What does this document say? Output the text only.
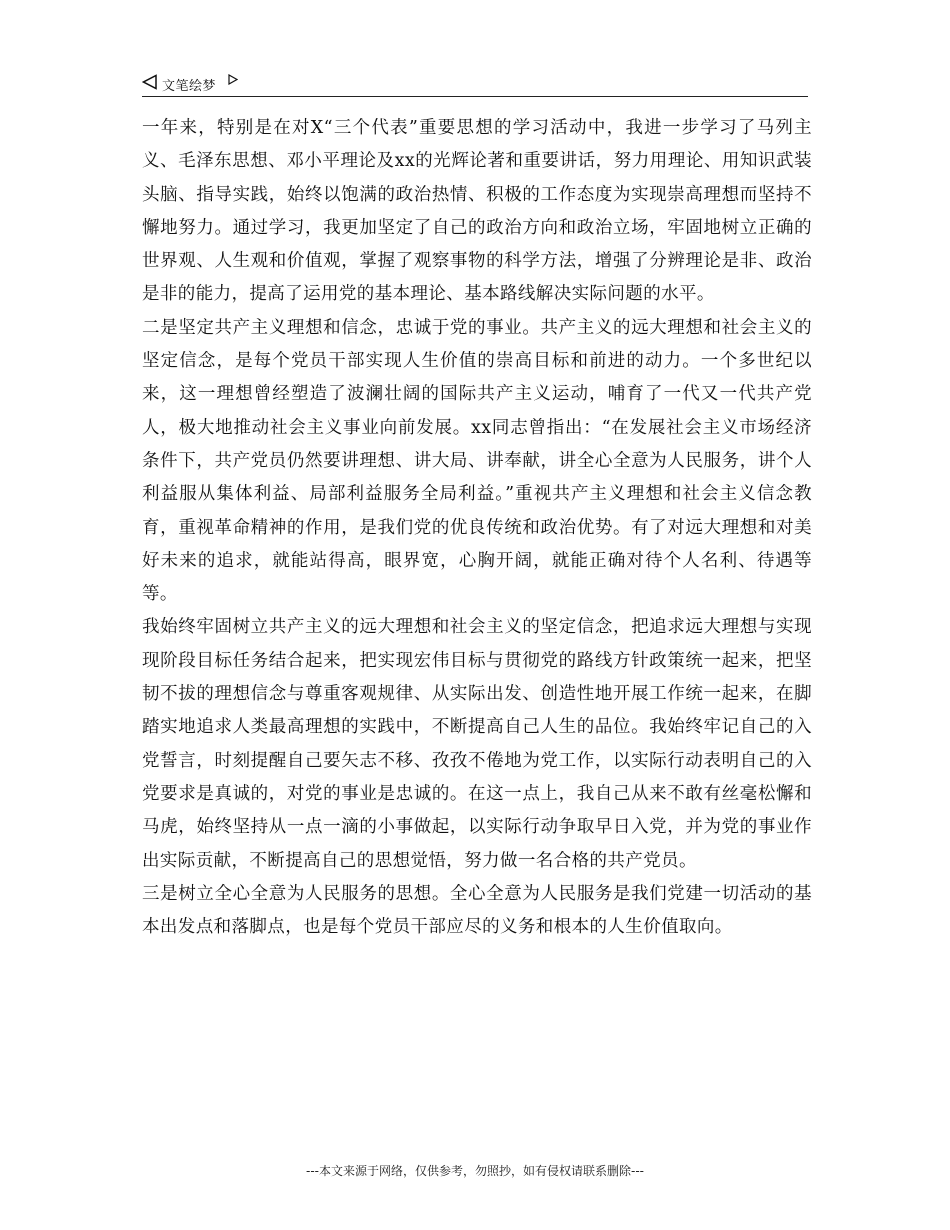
文笔绘梦

一年来，特别是在对X“三个代表”重要思想的学习活动中，我进一步学习了马列主义、毛泽东思想、邓小平理论及xx的光辉论著和重要讲话，努力用理论、用知识武装头脑、指导实践，始终以饱满的政治热情、积极的工作态度为实现崇高理想而坚持不懈地努力。通过学习，我更加坚定了自己的政治方向和政治立场，牢固地树立正确的世界观、人生观和价值观，掌握了观察事物的科学方法，增强了分辨理论是非、政治是非的能力，提高了运用党的基本理论、基本路线解决实际问题的水平。

二是坚定共产主义理想和信念，忠诚于党的事业。共产主义的远大理想和社会主义的坚定信念，是每个党员干部实现人生价值的崇高目标和前进的动力。一个多世纪以来，这一理想曾经塑造了波澜壮阔的国际共产主义运动，哺育了一代又一代共产党人，极大地推动社会主义事业向前发展。xx同志曾指出：“在发展社会主义市场经济条件下，共产党员仍然要讲理想、讲大局、讲奉献，讲全心全意为人民服务，讲个人利益服从集体利益、局部利益服务全局利益。”重视共产主义理想和社会主义信念教育，重视革命精神的作用，是我们党的优良传统和政治优势。有了对远大理想和对美好未来的追求，就能站得高，眼界宽，心胸开阔，就能正确对待个人名利、待遇等等。

我始终牢固树立共产主义的远大理想和社会主义的坚定信念，把追求远大理想与实现现阶段目标任务结合起来，把实现宏伟目标与贯彻党的路线方针政策统一起来，把坚韧不拔的理想信念与尊重客观规律、从实际出发、创造性地开展工作统一起来，在脚踏实地追求人类最高理想的实践中，不断提高自己人生的品位。我始终牢记自己的入党誓言，时刻提醒自己要矢志不移、孜孜不倦地为党工作，以实际行动表明自己的入党要求是真诚的，对党的事业是忠诚的。在这一点上，我自己从来不敢有丝毫松懈和马虎，始终坚持从一点一滴的小事做起，以实际行动争取早日入党，并为党的事业作出实际贡献，不断提高自己的思想觉悟，努力做一名合格的共产党员。

三是树立全心全意为人民服务的思想。全心全意为人民服务是我们党建一切活动的基本出发点和落脚点，也是每个党员干部应尽的义务和根本的人生价值取向。

---本文来源于网络，仅供参考，勿照抄，如有侵权请联系删除---
